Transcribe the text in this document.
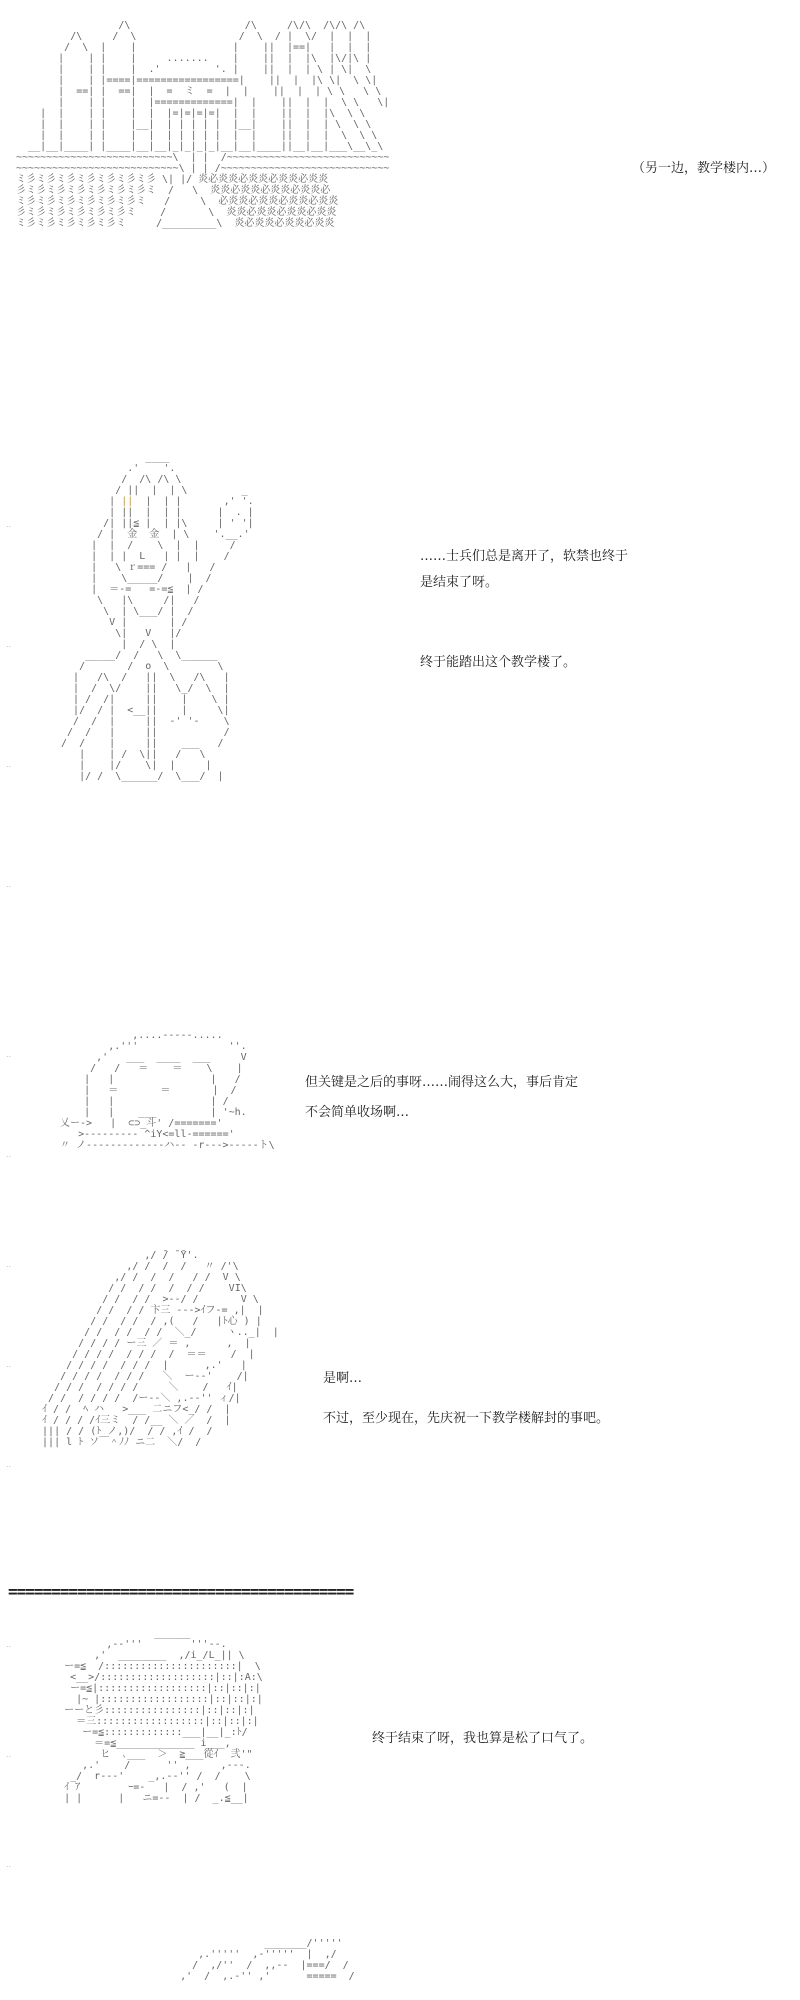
/\                   /\     /\/\  /\/\ /\
/\     /  \                 /  \  / |  \/  |  |  |
/  \  |    |                |    ||  |==|   |  |  |
|    | |    |     .......    |    ||  |  |\  |\/|\ |
|    | |    |  .'         '. |    ||  |  | \ | \|  \
|    | |====|=================|    ||  |  |\ \|  \ \|
|  ==| |  ==|  |  =  ミ  =  |  |    ||  |  | \ \   \ \
|    | |    |  |=============|  |    ||  |  |  \ \   \|
|  |    | |    |  |  |=|=|=|=|  |  |    ||  |  |\  \ \
|  |    | |    |__|  | | | | |  |__|    ||  |  | \  \ \
|  |    | |    |  |  | | | | |  |  |    ||  |  |  \  \ \
__|__|____| |____|__|__|_|_|_|_|__|__|____||__|__|___\__\_\
~~~~~~~~~~~~~~~~~~~~~~~~~~\  | |  /~~~~~~~~~~~~~~~~~~~~~~~~~~~
~~~~~~~~~~~~~~~~~~~~~~~~~~~\ | | /~~~~~~~~~~~~~~~~~~~~~~~~~~~~
ミ彡ミ彡ミ彡ミ彡ミ彡ミ彡ミ彡 \| |/ 炎必炎炎必炎炎必炎炎必炎炎
彡ミ彡ミ彡ミ彡ミ彡ミ彡ミ彡ミ  /   \  炎炎必炎炎必炎炎必炎炎必
ミ彡ミ彡ミ彡ミ彡ミ彡ミ彡ミ   /     \  必炎炎必炎炎必炎炎必炎炎
彡ミ彡ミ彡ミ彡ミ彡ミ彡ミ    /       \  炎炎必炎炎必炎炎必炎炎
ミ彡ミ彡ミ彡ミ彡ミ彡ミ     /_________\  炎必炎炎必炎炎必炎炎

（另一边，教学楼内…）

____
.'    '.
/  /\ /\ \
/ ||  |  | \         _
| ||  |  | |       ,' '.
| ||  |  | |      |  . |
/| ||≦ |  | |\     | ' '|
/ |  金  金  | \    '.__.'
|  |  /    \  |  |     /
|  | |  L   | |  |    /
|   \ ｒ=== /   |   /
|    \_____/    |  /
|  ＝-=   =-=≦  | /
\   |\     /|   /
\  | \___/ |  /
V |       | /
\|   V   |/
|  / \  |
_____/  /   \  \______
/       /  o  \        \
|   /\  /   ||  \   /\   |
|  /  \/    ||   \_/  \  |
| /  /|     ||    |    \ |
|/  / |  <__||    |     \|
/  /  |     ||  -' '-    \
/  /   |     ||           /
/  /    |     ||    ___   /
|    | /  \||   /   \
|    |/    \|  |     |
|/ /  \______/  \___/  |

……士兵们总是离开了，软禁也终于

是结束了呀。

终于能踏出这个教学楼了。

..
..
..
..
,....-----.....
,.'''               ''.
,'   ___  ____  ___     V
/   /   ＝    ＝    \    |
|   |                |   /
|   ＝       ＝       |  /
|   |                | /
|   |    ___         | '~h.
乂ー->   |  ⊂⊃_斗' /======='
>--------- ^iY<=ll-======'
〃 ノ-------------ハ-- -r--->-----ト\

但关键是之后的事呀……闹得这么大，事后肯定

不会简单收场啊…

..
..
,/ ̄/ ̄ ̄Y'.
,/ /  /  /   〃 /'\
,/ /  /  /   / /  V \
/ /  / /  /  / /    VI\
/ /  / /  >--/ /       V \
/ /  / / 卞三 --->ｲフ-= ,|  |
/ /  / /  / ,(   /   |ﾄ心 ) |
/ /  / /  / /  ＼_/     ヽ.._|  |
/ / / / ー三 ／ ＝ ,      ,  |
/ / / /  / / /  /  ＝＝    /  |
/ / / /  / / /  |      ,.'   |
/ / / /  / / /   ＼  ー--'    /|
/ / /  / / / /     ＼    /   ｲ|
/ /  / / / /  /ー--＼ ,.--'' ィ/|
ｲ / /  ﾍ ハ   >___ 二ニフ<_/ /  |
ｲ / / / /ｲ三ミ  / /__ ＼ ／  /  |
||| / / (ﾄ ノ,)/  / / ,ｲ /  /
||| l ﾄ ソ￣＾ﾉﾉ ニ二  ＼/  /

是啊…

不过，至少现在，先庆祝一下教学楼解封的事吧。

..
..
..
========================================
______
,--'''        '''--.
,'  ________  ,/i_/L_|| \
ー=≦  /::::::::::::::::::::::|  \
<__>/:::::::::::::::::::|::|:A:\
ー=≦|::::::::::::::::::|::|::|:|
|~ |::::::::::::::::::|::|::|:|
ーーと彡::::::::::::::::|::|::|:|
＝三::::::::::::::::::|::|::|:|
ー=≦:::::::::::::___|__|_:ﾄ/
＝=≦_____________ i___,
ヒ  ､___  ＞  ≧___從ｲ  弐'"
,.'    /      '' ,     ,---.
_/  r---'    _,.--'' /  /    \
ｲ ｱ        ｰ=-   |  / ,'   (  |
| |      |   ニ=--  | /  _.≦__|

终于结束了呀，我也算是松了口气了。

..
..
..
_______/'''''
,.'''''  ,-'''''  |  ,/
/  ,/''  /  ,,--  |===/  /
,'  /  ,.-'' ,'      =====  /
